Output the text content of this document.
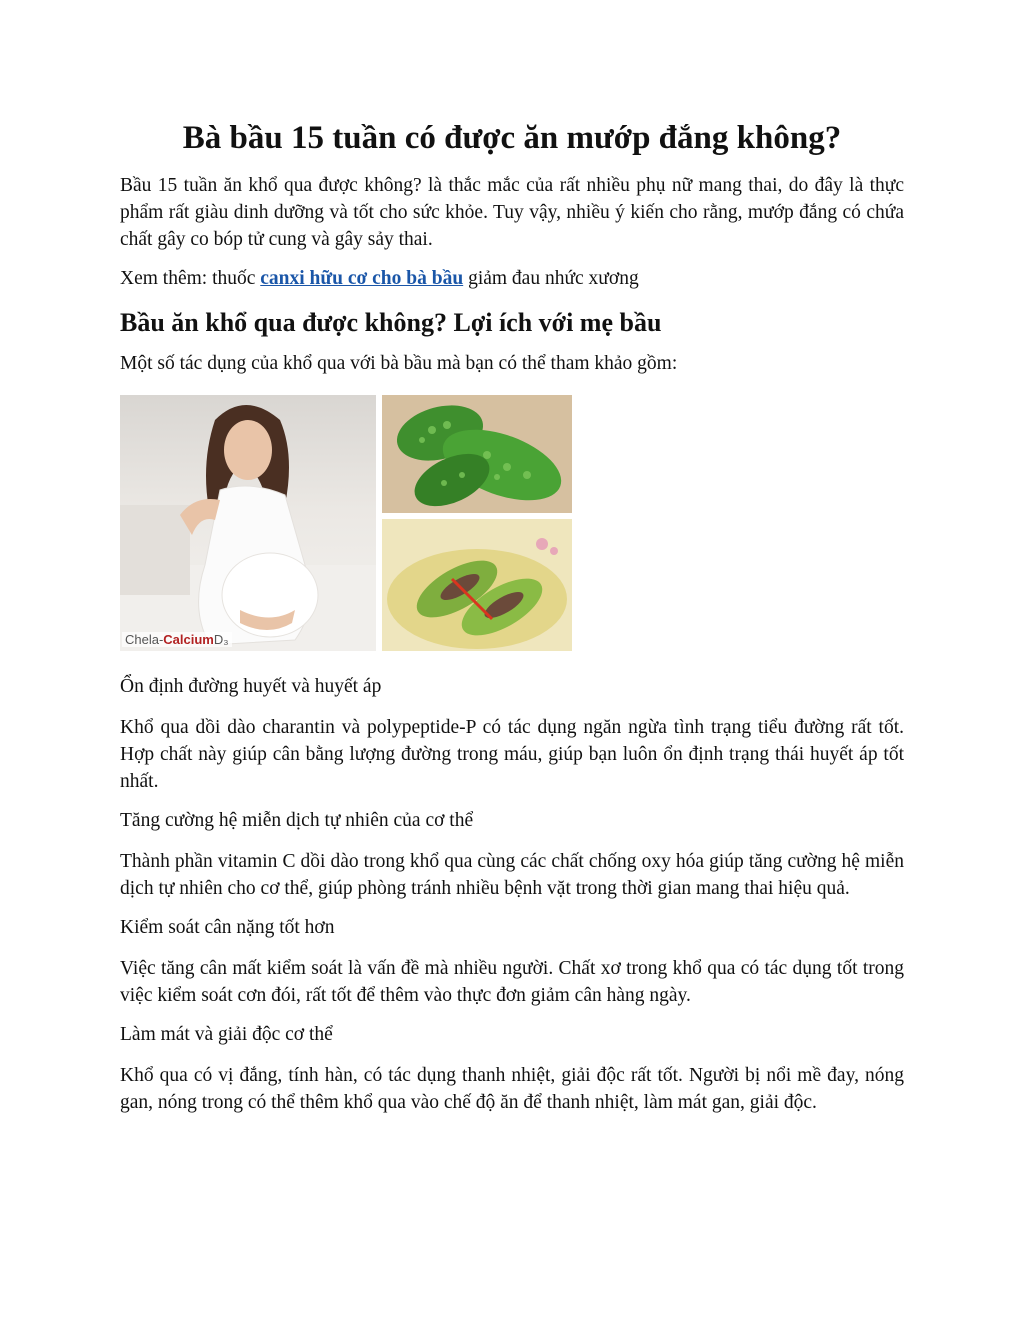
Bà bầu 15 tuần có được ăn mướp đắng không?

Bầu 15 tuần ăn khổ qua được không? là thắc mắc của rất nhiều phụ nữ mang thai, do đây là thực phẩm rất giàu dinh dưỡng và tốt cho sức khỏe. Tuy vậy, nhiều ý kiến cho rằng, mướp đắng có chứa chất gây co bóp tử cung và gây sảy thai.

Xem thêm: thuốc canxi hữu cơ cho bà bầu giảm đau nhức xương

Bầu ăn khổ qua được không? Lợi ích với mẹ bầu

Một số tác dụng của khổ qua với bà bầu mà bạn có thể tham khảo gồm:

Chela-CalciumD₃

Ổn định đường huyết và huyết áp

Khổ qua dồi dào charantin và polypeptide-P có tác dụng ngăn ngừa tình trạng tiểu đường rất tốt. Hợp chất này giúp cân bằng lượng đường trong máu, giúp bạn luôn ổn định trạng thái huyết áp tốt nhất.

Tăng cường hệ miễn dịch tự nhiên của cơ thể

Thành phần vitamin C dồi dào trong khổ qua cùng các chất chống oxy hóa giúp tăng cường hệ miễn dịch tự nhiên cho cơ thể, giúp phòng tránh nhiều bệnh vặt trong thời gian mang thai hiệu quả.

Kiểm soát cân nặng tốt hơn

Việc tăng cân mất kiểm soát là vấn đề mà nhiều người. Chất xơ trong khổ qua có tác dụng tốt trong việc kiểm soát cơn đói, rất tốt để thêm vào thực đơn giảm cân hàng ngày.

Làm mát và giải độc cơ thể

Khổ qua có vị đắng, tính hàn, có tác dụng thanh nhiệt, giải độc rất tốt. Người bị nổi mề đay, nóng gan, nóng trong có thể thêm khổ qua vào chế độ ăn để thanh nhiệt, làm mát gan, giải độc.
